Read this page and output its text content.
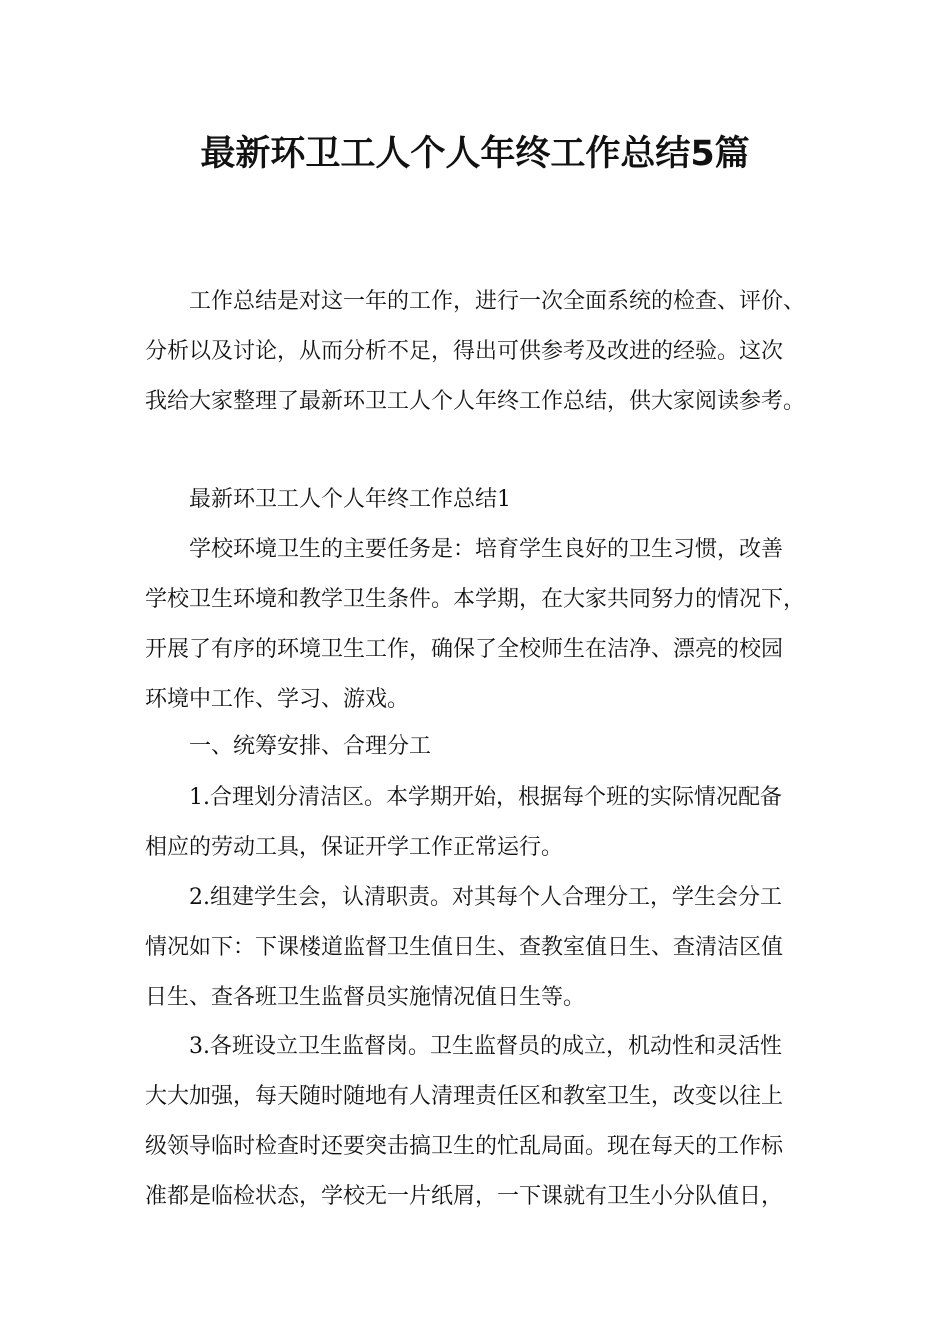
最新环卫工人个人年终工作总结5篇
工作总结是对这一年的工作，进行一次全面系统的检查、评价、
分析以及讨论，从而分析不足，得出可供参考及改进的经验。这次
我给大家整理了最新环卫工人个人年终工作总结，供大家阅读参考。
最新环卫工人个人年终工作总结1
学校环境卫生的主要任务是：培育学生良好的卫生习惯，改善
学校卫生环境和教学卫生条件。本学期，在大家共同努力的情况下，
开展了有序的环境卫生工作，确保了全校师生在洁净、漂亮的校园
环境中工作、学习、游戏。
一、统筹安排、合理分工
1.合理划分清洁区。本学期开始，根据每个班的实际情况配备
相应的劳动工具，保证开学工作正常运行。
2.组建学生会，认清职责。对其每个人合理分工，学生会分工
情况如下：下课楼道监督卫生值日生、查教室值日生、查清洁区值
日生、查各班卫生监督员实施情况值日生等。
3.各班设立卫生监督岗。卫生监督员的成立，机动性和灵活性
大大加强，每天随时随地有人清理责任区和教室卫生，改变以往上
级领导临时检查时还要突击搞卫生的忙乱局面。现在每天的工作标
准都是临检状态，学校无一片纸屑，一下课就有卫生小分队值日，
